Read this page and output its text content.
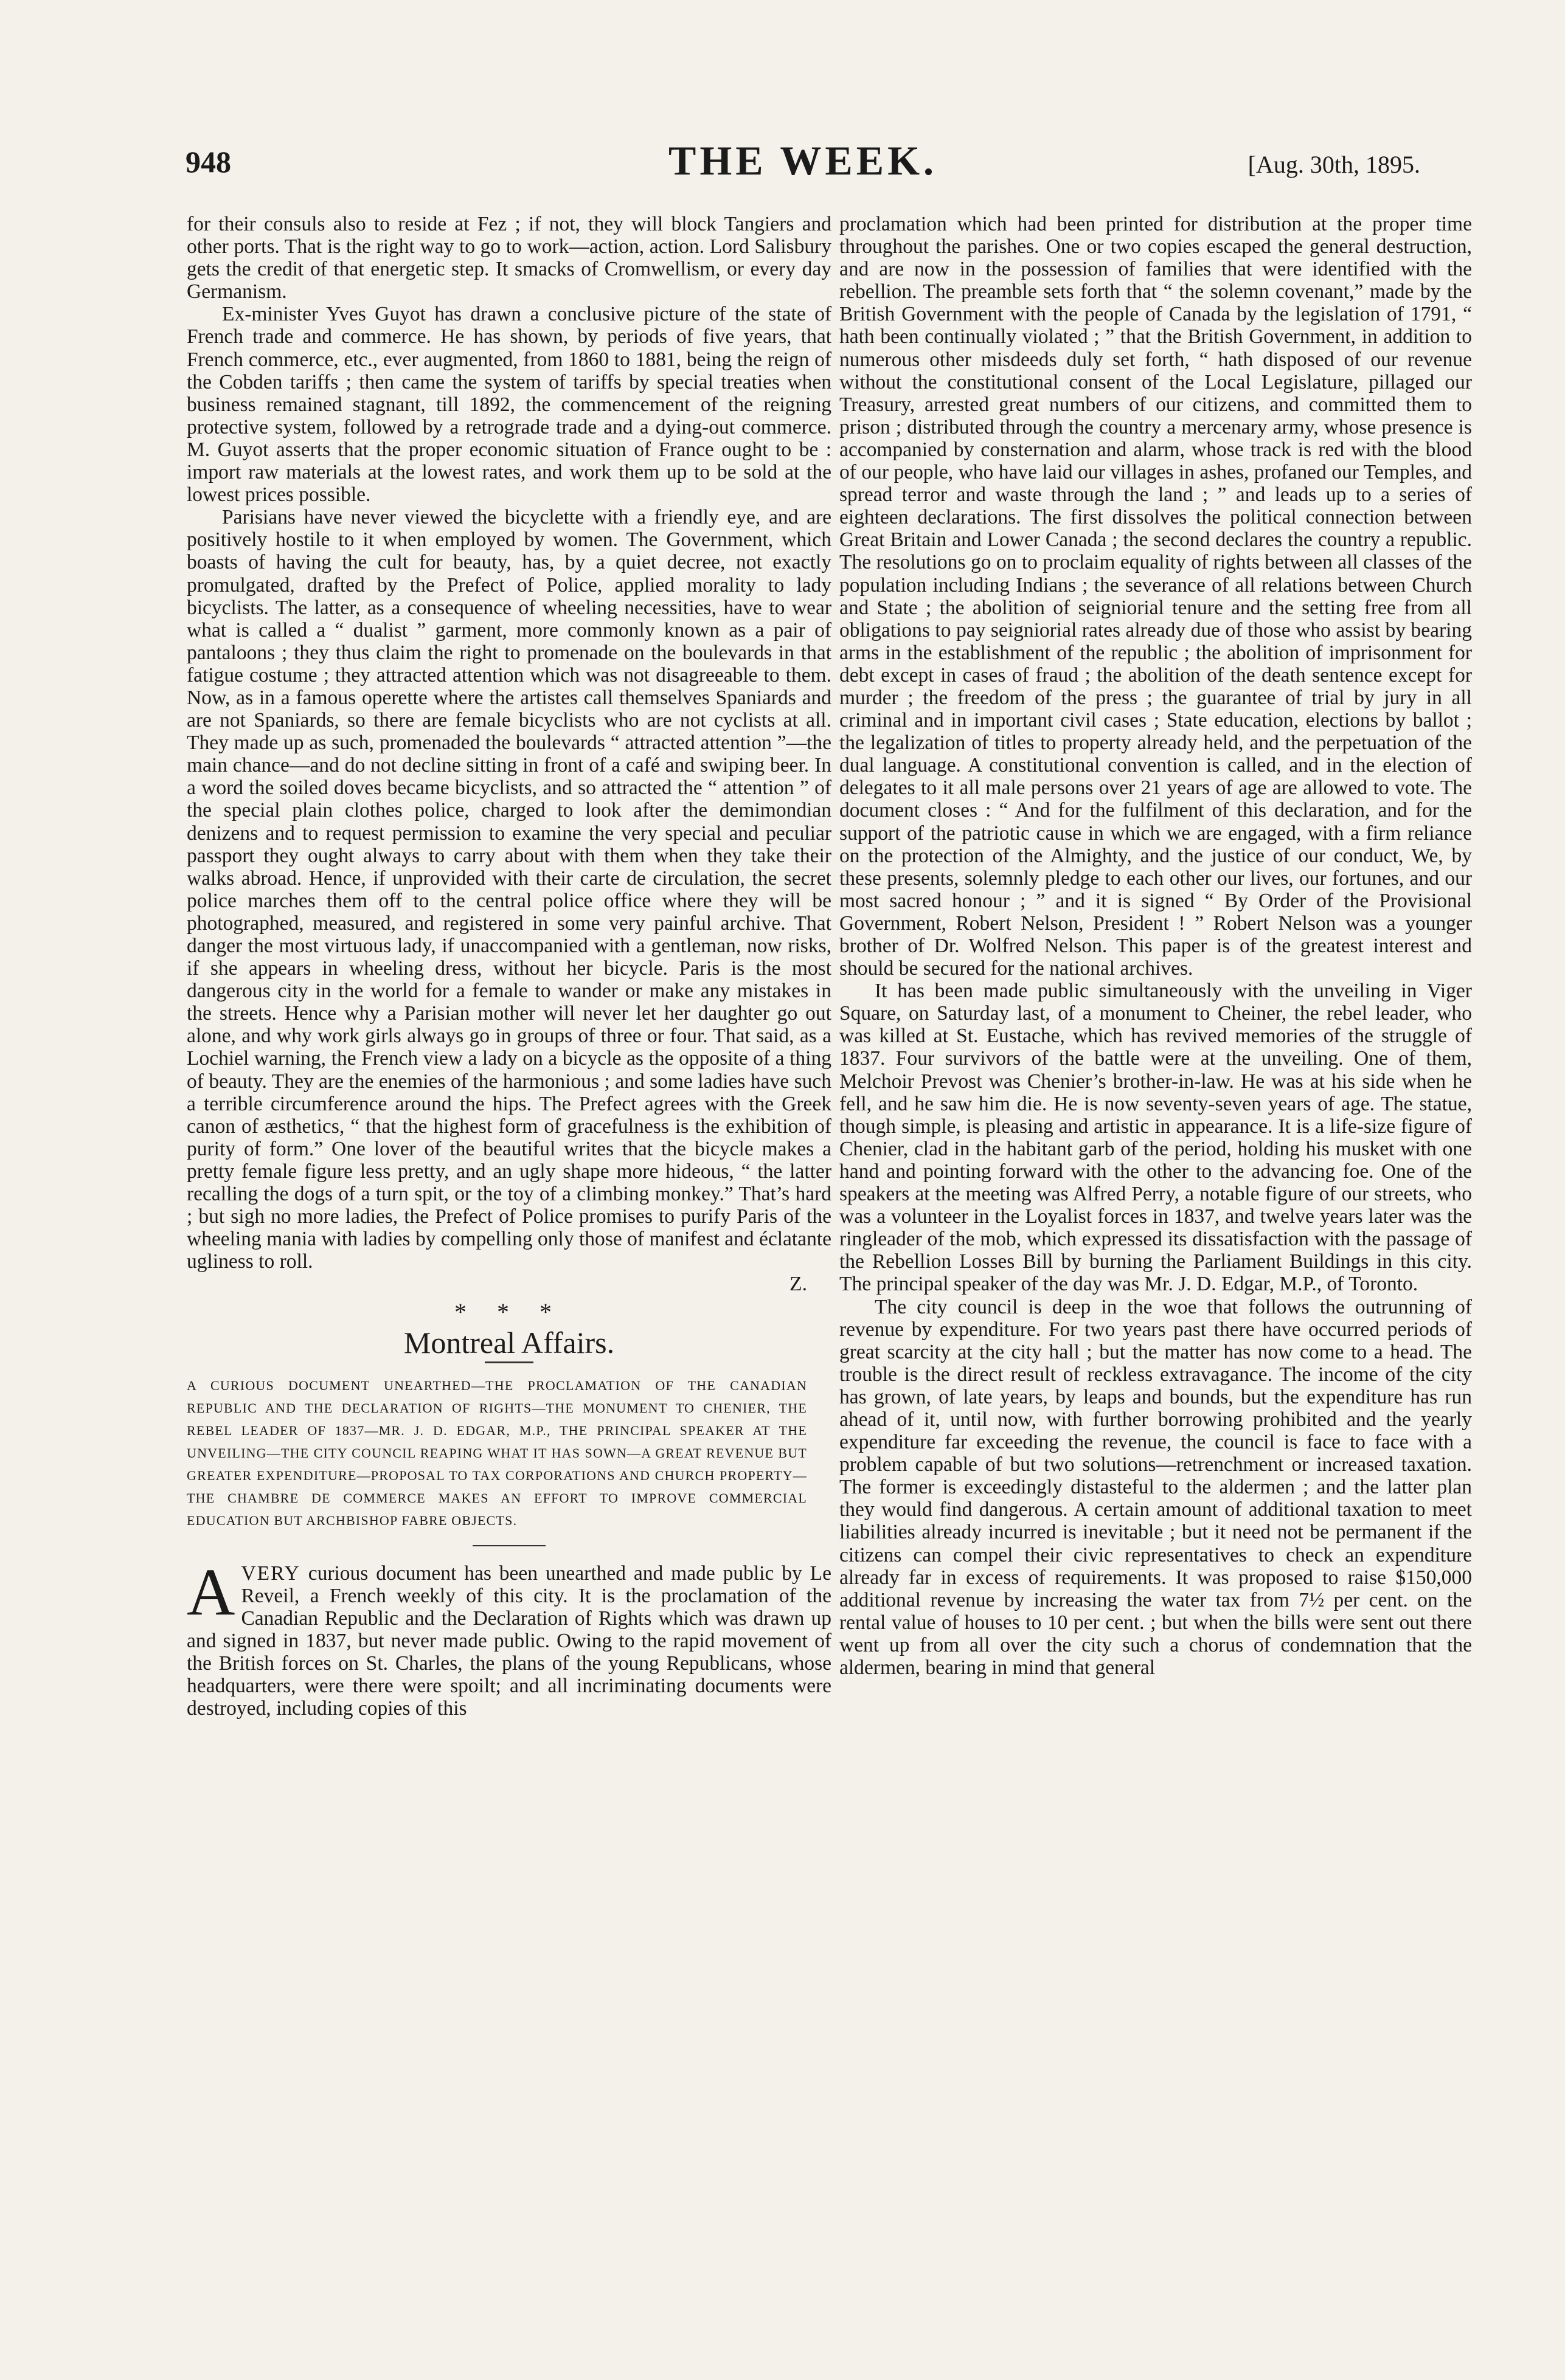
948	THE WEEK.	[Aug. 30th, 1895.

for their consuls also to reside at Fez ; if not, they will block Tangiers and other ports. That is the right way to go to work—action, action. Lord Salisbury gets the credit of that energetic step. It smacks of Cromwellism, or every day Germanism.

Ex-minister Yves Guyot has drawn a conclusive picture of the state of French trade and commerce. He has shown, by periods of five years, that French commerce, etc., ever augmented, from 1860 to 1881, being the reign of the Cobden tariffs ; then came the system of tariffs by special treaties when business remained stagnant, till 1892, the commencement of the reigning protective system, followed by a retrograde trade and a dying-out commerce. M. Guyot asserts that the proper economic situation of France ought to be : import raw materials at the lowest rates, and work them up to be sold at the lowest prices possible.

Parisians have never viewed the bicyclette with a friendly eye, and are positively hostile to it when employed by women. The Government, which boasts of having the cult for beauty, has, by a quiet decree, not exactly promulgated, drafted by the Prefect of Police, applied morality to lady bicyclists. The latter, as a consequence of wheeling necessities, have to wear what is called a “ dualist ” garment, more commonly known as a pair of pantaloons ; they thus claim the right to promenade on the boulevards in that fatigue costume ; they attracted attention which was not disagreeable to them. Now, as in a famous operette where the artistes call themselves Spaniards and are not Spaniards, so there are female bicyclists who are not cyclists at all. They made up as such, promenaded the boulevards “ attracted attention ”—the main chance—and do not decline sitting in front of a café and swiping beer. In a word the soiled doves became bicyclists, and so attracted the “ attention ” of the special plain clothes police, charged to look after the demimondian denizens and to request permission to examine the very special and peculiar passport they ought always to carry about with them when they take their walks abroad. Hence, if unprovided with their carte de circulation, the secret police marches them off to the central police office where they will be photographed, measured, and registered in some very painful archive. That danger the most virtuous lady, if unaccompanied with a gentleman, now risks, if she appears in wheeling dress, without her bicycle. Paris is the most dangerous city in the world for a female to wander or make any mistakes in the streets. Hence why a Parisian mother will never let her daughter go out alone, and why work girls always go in groups of three or four. That said, as a Lochiel warning, the French view a lady on a bicycle as the opposite of a thing of beauty. They are the enemies of the harmonious ; and some ladies have such a terrible circumference around the hips. The Prefect agrees with the Greek canon of æsthetics, “ that the highest form of gracefulness is the exhibition of purity of form.” One lover of the beautiful writes that the bicycle makes a pretty female figure less pretty, and an ugly shape more hideous, “ the latter recalling the dogs of a turn spit, or the toy of a climbing monkey.” That’s hard ; but sigh no more ladies, the Prefect of Police promises to purify Paris of the wheeling mania with ladies by compelling only those of manifest and éclatante ugliness to roll.

Z.
* * *
Montreal Affairs.

A CURIOUS DOCUMENT UNEARTHED—THE PROCLAMATION OF THE CANADIAN REPUBLIC AND THE DECLARATION OF RIGHTS—THE MONUMENT TO CHENIER, THE REBEL LEADER OF 1837—MR. J. D. EDGAR, M.P., THE PRINCIPAL SPEAKER AT THE UNVEILING—THE CITY COUNCIL REAPING WHAT IT HAS SOWN—A GREAT REVENUE BUT GREATER EXPENDITURE—PROPOSAL TO TAX CORPORATIONS AND CHURCH PROPERTY—THE CHAMBRE DE COMMERCE MAKES AN EFFORT TO IMPROVE COMMERCIAL EDUCATION BUT ARCHBISHOP FABRE OBJECTS.

AVERY curious document has been unearthed and made public by Le Reveil, a French weekly of this city. It is the proclamation of the Canadian Republic and the Declaration of Rights which was drawn up and signed in 1837, but never made public. Owing to the rapid movement of the British forces on St. Charles, the plans of the young Republicans, whose headquarters, were there were spoilt; and all incriminating documents were destroyed, including copies of this

proclamation which had been printed for distribution at the proper time throughout the parishes. One or two copies escaped the general destruction, and are now in the possession of families that were identified with the rebellion. The preamble sets forth that “ the solemn covenant,” made by the British Government with the people of Canada by the legislation of 1791, “ hath been continually violated ; ” that the British Government, in addition to numerous other misdeeds duly set forth, “ hath disposed of our revenue without the constitutional consent of the Local Legislature, pillaged our Treasury, arrested great numbers of our citizens, and committed them to prison ; distributed through the country a mercenary army, whose presence is accompanied by consternation and alarm, whose track is red with the blood of our people, who have laid our villages in ashes, profaned our Temples, and spread terror and waste through the land ; ” and leads up to a series of eighteen declarations. The first dissolves the political connection between Great Britain and Lower Canada ; the second declares the country a republic. The resolutions go on to proclaim equality of rights between all classes of the population including Indians ; the severance of all relations between Church and State ; the abolition of seigniorial tenure and the setting free from all obligations to pay seigniorial rates already due of those who assist by bearing arms in the establishment of the republic ; the abolition of imprisonment for debt except in cases of fraud ; the abolition of the death sentence except for murder ; the freedom of the press ; the guarantee of trial by jury in all criminal and in important civil cases ; State education, elections by ballot ; the legalization of titles to property already held, and the perpetuation of the dual language. A constitutional convention is called, and in the election of delegates to it all male persons over 21 years of age are allowed to vote. The document closes : “ And for the fulfilment of this declaration, and for the support of the patriotic cause in which we are engaged, with a firm reliance on the protection of the Almighty, and the justice of our conduct, We, by these presents, solemnly pledge to each other our lives, our fortunes, and our most sacred honour ; ” and it is signed “ By Order of the Provisional Government, Robert Nelson, President ! ” Robert Nelson was a younger brother of Dr. Wolfred Nelson. This paper is of the greatest interest and should be secured for the national archives.

It has been made public simultaneously with the unveiling in Viger Square, on Saturday last, of a monument to Cheiner, the rebel leader, who was killed at St. Eustache, which has revived memories of the struggle of 1837. Four survivors of the battle were at the unveiling. One of them, Melchoir Prevost was Chenier’s brother-in-law. He was at his side when he fell, and he saw him die. He is now seventy-seven years of age. The statue, though simple, is pleasing and artistic in appearance. It is a life-size figure of Chenier, clad in the habitant garb of the period, holding his musket with one hand and pointing forward with the other to the advancing foe. One of the speakers at the meeting was Alfred Perry, a notable figure of our streets, who was a volunteer in the Loyalist forces in 1837, and twelve years later was the ringleader of the mob, which expressed its dissatisfaction with the passage of the Rebellion Losses Bill by burning the Parliament Buildings in this city. The principal speaker of the day was Mr. J. D. Edgar, M.P., of Toronto.

The city council is deep in the woe that follows the outrunning of revenue by expenditure. For two years past there have occurred periods of great scarcity at the city hall ; but the matter has now come to a head. The trouble is the direct result of reckless extravagance. The income of the city has grown, of late years, by leaps and bounds, but the expenditure has run ahead of it, until now, with further borrowing prohibited and the yearly expenditure far exceeding the revenue, the council is face to face with a problem capable of but two solutions—retrenchment or increased taxation. The former is exceedingly distasteful to the aldermen ; and the latter plan they would find dangerous. A certain amount of additional taxation to meet liabilities already incurred is inevitable ; but it need not be permanent if the citizens can compel their civic representatives to check an expenditure already far in excess of requirements. It was proposed to raise $150,000 additional revenue by increasing the water tax from 7½ per cent. on the rental value of houses to 10 per cent. ; but when the bills were sent out there went up from all over the city such a chorus of condemnation that the aldermen, bearing in mind that general
